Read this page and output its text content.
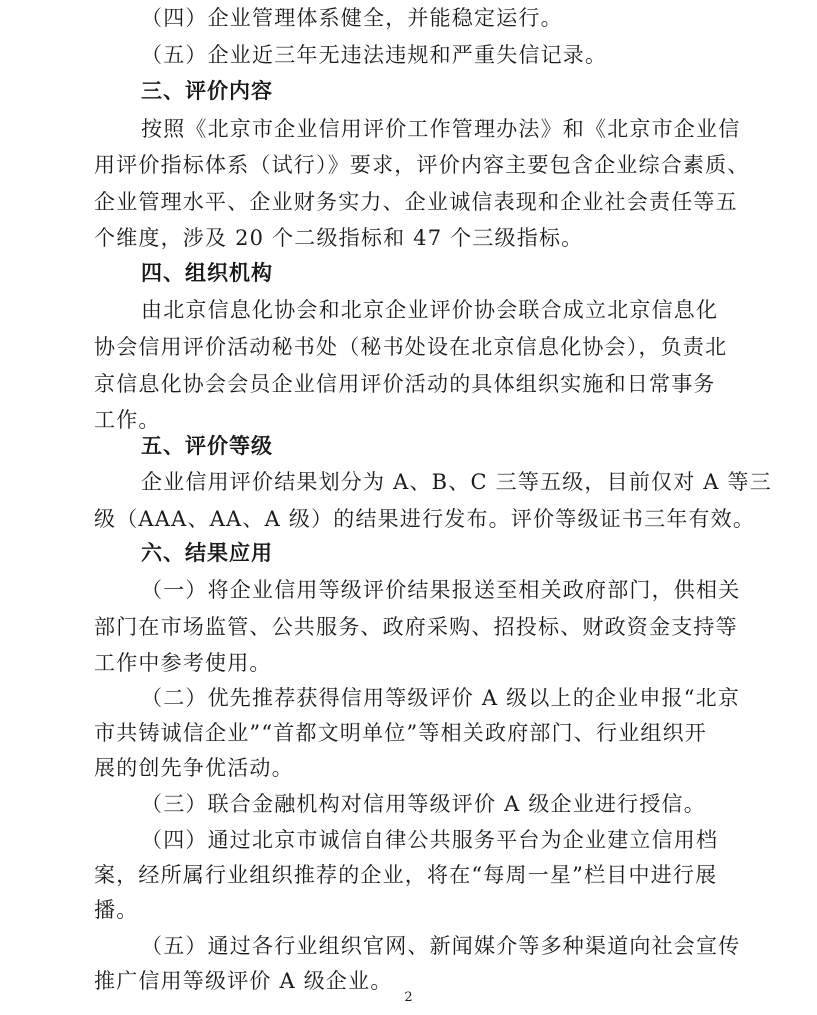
（四）企业管理体系健全，并能稳定运行。
（五）企业近三年无违法违规和严重失信记录。
三、评价内容
按照《北京市企业信用评价工作管理办法》和《北京市企业信
用评价指标体系（试行）》要求，评价内容主要包含企业综合素质、
企业管理水平、企业财务实力、企业诚信表现和企业社会责任等五
个维度，涉及 20 个二级指标和 47 个三级指标。
四、组织机构
由北京信息化协会和北京企业评价协会联合成立北京信息化
协会信用评价活动秘书处（秘书处设在北京信息化协会），负责北
京信息化协会会员企业信用评价活动的具体组织实施和日常事务
工作。
五、评价等级
企业信用评价结果划分为 A、B、C 三等五级，目前仅对 A 等三
级（AAA、AA、A 级）的结果进行发布。评价等级证书三年有效。
六、结果应用
（一）将企业信用等级评价结果报送至相关政府部门，供相关
部门在市场监管、公共服务、政府采购、招投标、财政资金支持等
工作中参考使用。
（二）优先推荐获得信用等级评价 A 级以上的企业申报“北京
市共铸诚信企业”“首都文明单位”等相关政府部门、行业组织开
展的创先争优活动。
（三）联合金融机构对信用等级评价 A 级企业进行授信。
（四）通过北京市诚信自律公共服务平台为企业建立信用档
案，经所属行业组织推荐的企业，将在“每周一星”栏目中进行展
播。
（五）通过各行业组织官网、新闻媒介等多种渠道向社会宣传
推广信用等级评价 A 级企业。
2
